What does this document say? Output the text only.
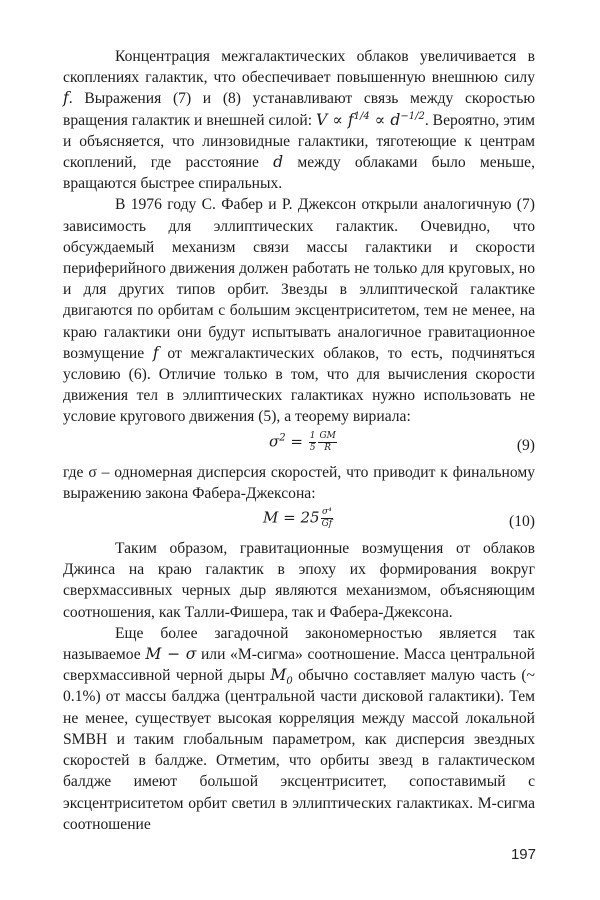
Концентрация межгалактических облаков увеличивается в скоплениях галактик, что обеспечивает повышенную внешнюю силу f. Выражения (7) и (8) устанавливают связь между скоростью вращения галактик и внешней силой: $V \propto f^{1/4} \propto d^{-1/2}$. Вероятно, этим и объясняется, что линзовидные галактики, тяготеющие к центрам скоплений, где расстояние d между облаками было меньше, вращаются быстрее спиральных.

В 1976 году С. Фабер и Р. Джексон открыли аналогичную (7) зависимость для эллиптических галактик. Очевидно, что обсуждаемый механизм связи массы галактики и скорости периферийного движения должен работать не только для круговых, но и для других типов орбит. Звезды в эллиптической галактике двигаются по орбитам с большим эксцентриситетом, тем не менее, на краю галактики они будут испытывать аналогичное гравитационное возмущение f от межгалактических облаков, то есть, подчиняться условию (6). Отличие только в том, что для вычисления скорости движения тел в эллиптических галактиках нужно использовать не условие кругового движения (5), а теорему вириала:

$\sigma^2 = \frac{1}{5} \frac{GM}{R}$	(9)

где σ – одномерная дисперсия скоростей, что приводит к финальному выражению закона Фабера-Джексона:

$M = 25 \frac{\text{σ⁴}}{Gf}$	(10)

Таким образом, гравитационные возмущения от облаков Джинса на краю галактик в эпоху их формирования вокруг сверхмассивных черных дыр являются механизмом, объясняющим соотношения, как Талли-Фишера, так и Фабера-Джексона.

Еще более загадочной закономерностью является так называемое M − σ или «М-сигма» соотношение. Масса центральной сверхмассивной черной дыры $M_0$ обычно составляет малую часть (~ 0.1%) от массы балджа (центральной части дисковой галактики). Тем не менее, существует высокая корреляция между массой локальной SMBH и таким глобальным параметром, как дисперсия звездных скоростей в балдже. Отметим, что орбиты звезд в галактическом балдже имеют большой эксцентриситет, сопоставимый с эксцентриситетом орбит светил в эллиптических галактиках. М-сигма соотношение

197
